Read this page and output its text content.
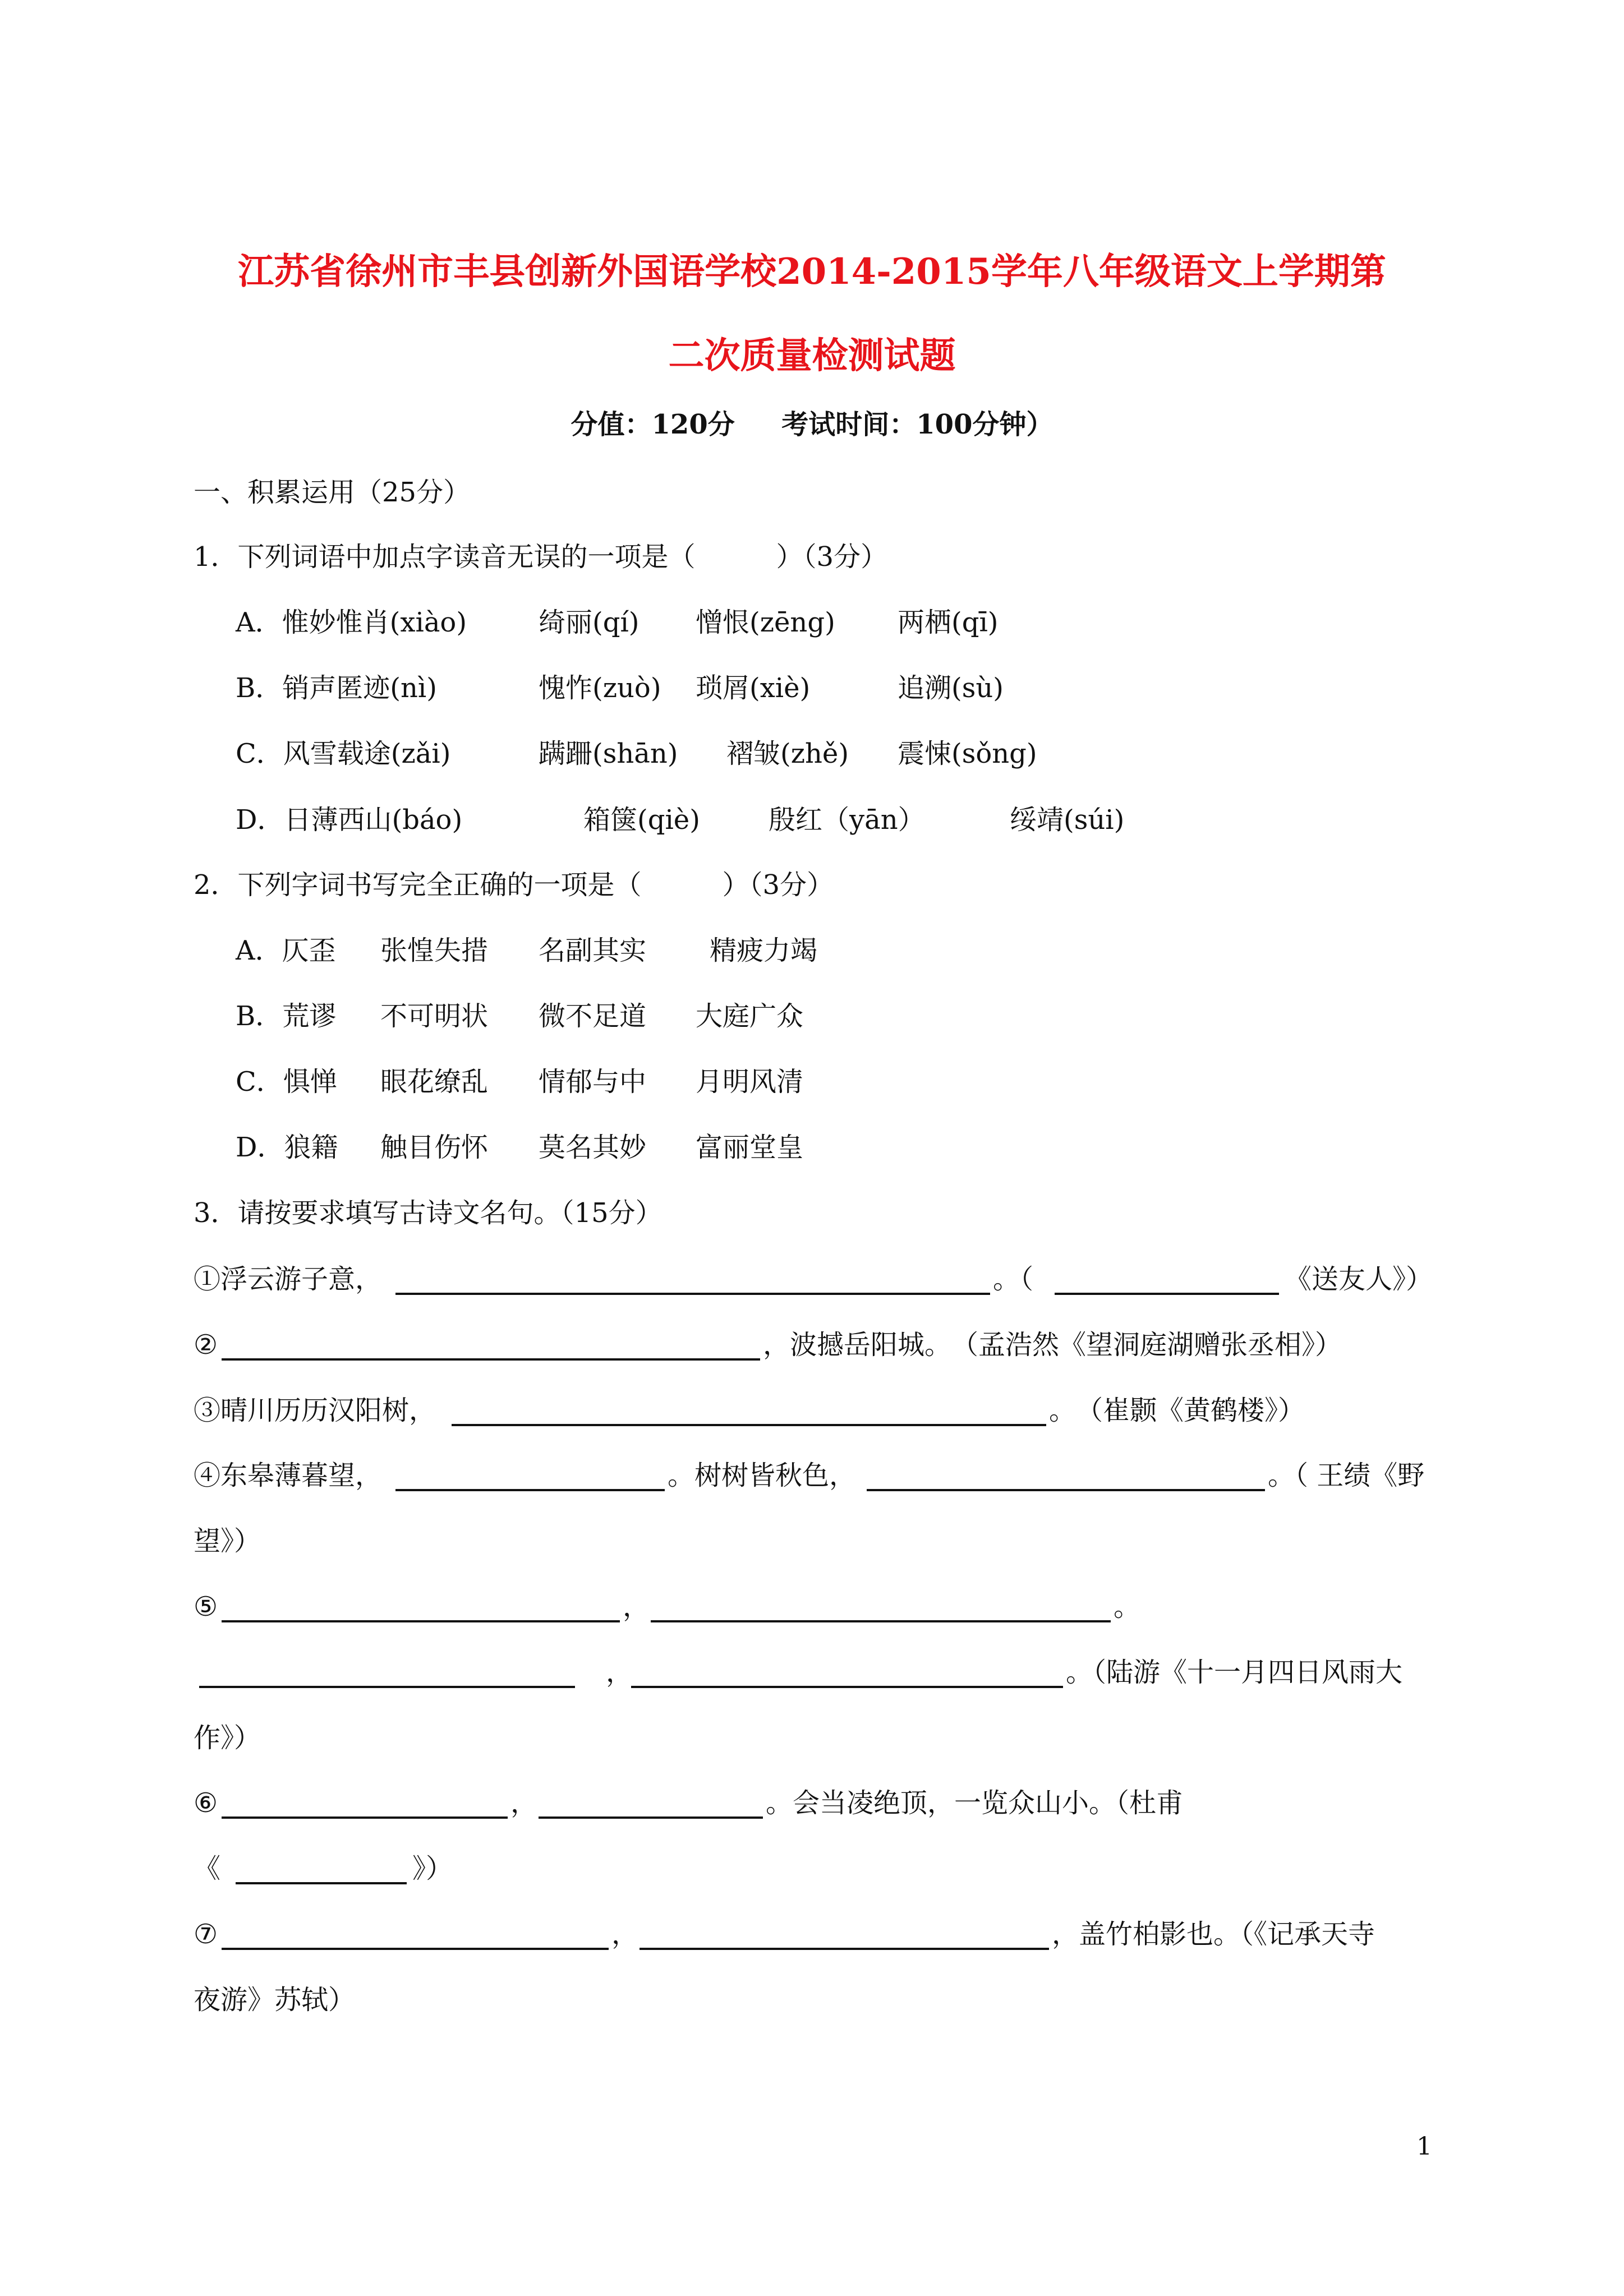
江苏省徐州市丰县创新外国语学校2014-2015学年八年级语文上学期第
二次质量检测试题
分值：120分     考试时间：100分钟）
一、积累运用（25分）
1．下列词语中加点字读音无误的一项是（　　　）（3分）
A．惟妙惟肖(xiào)	绮丽(qí) 憎恨(zēng) 两栖(qī)
B．销声匿迹(nì)	愧怍(zuò) 琐屑(xiè)	追溯(sù)
C．风雪载途(zǎi)	蹒跚(shān) 褶皱(zhě) 震悚(sǒng)
D．日薄西山(báo)	箱箧(qiè)	殷红（yān）	绥靖(súi)
2．下列字词书写完全正确的一项是（　　　）（3分）
A．仄歪 张惶失措 名副其实 精疲力竭
B．荒谬 不可明状 微不足道 大庭广众
C．惧惮 眼花缭乱 情郁与中 月明风清
D．狼籍 触目伤怀 莫名其妙 富丽堂皇
3．请按要求填写古诗文名句。（15分）
①浮云游子意，	。（	《送友人》）
②	，波撼岳阳城。　（孟浩然《望洞庭湖赠张丞相》）
③晴川历历汉阳树，	。　（崔颢《黄鹤楼》）
④东皋薄暮望，	。树树皆秋色，	。（ 王绩《野
望》）
⑤	，	。
，	。（陆游《十一月四日风雨大
作》）
⑥	，	。会当凌绝顶，一览众山小。（杜甫
《	》）
⑦	，	，盖竹柏影也。（《记承天寺
夜游》苏轼）
1
